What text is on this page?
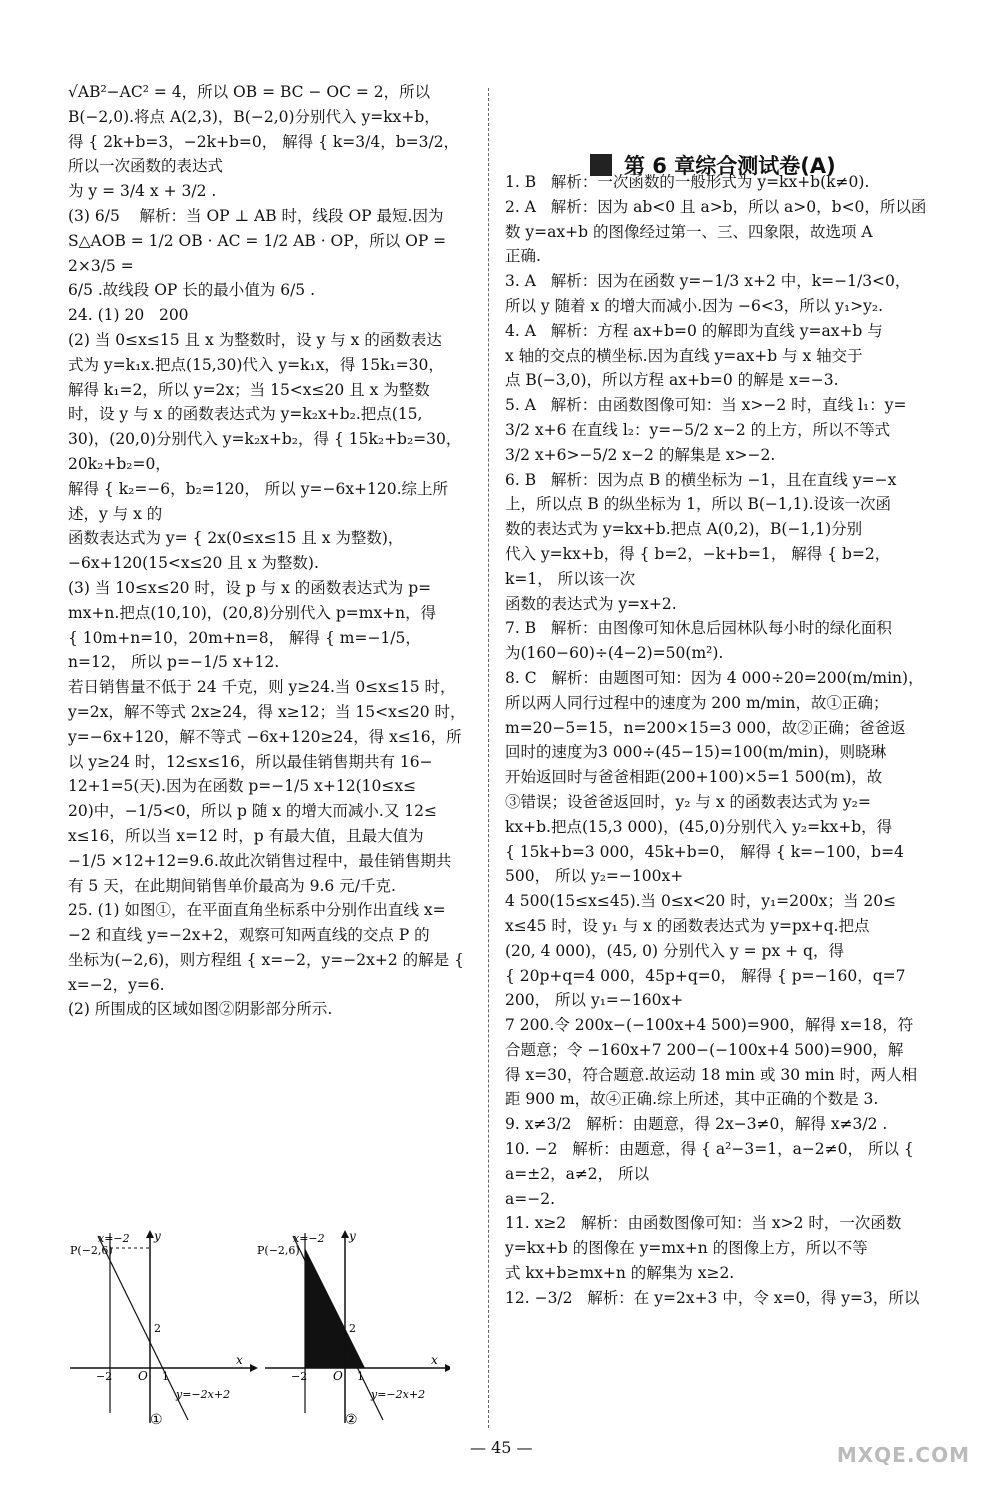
√AB²−AC² = 4，所以 OB = BC − OC = 2，所以

B(−2,0).将点 A(2,3)，B(−2,0)分别代入 y=kx+b，

得 { 2k+b=3，−2k+b=0， 解得 { k=3/4，b=3/2， 所以一次函数的表达式

为 y = 3/4 x + 3/2 .

(3) 6/5    解析：当 OP ⊥ AB 时，线段 OP 最短.因为

S△AOB = 1/2 OB · AC = 1/2 AB · OP，所以 OP = 2×3/5 =

6/5 .故线段 OP 长的最小值为 6/5 .

24. (1) 20   200

(2) 当 0≤x≤15 且 x 为整数时，设 y 与 x 的函数表达

式为 y=k₁x.把点(15,30)代入 y=k₁x，得 15k₁=30，

解得 k₁=2，所以 y=2x；当 15<x≤20 且 x 为整数

时，设 y 与 x 的函数表达式为 y=k₂x+b₂.把点(15,

30)，(20,0)分别代入 y=k₂x+b₂，得 { 15k₂+b₂=30，20k₂+b₂=0，

解得 { k₂=−6，b₂=120， 所以 y=−6x+120.综上所述，y 与 x 的

函数表达式为 y= { 2x(0≤x≤15 且 x 为整数)，−6x+120(15<x≤20 且 x 为整数).

(3) 当 10≤x≤20 时，设 p 与 x 的函数表达式为 p=

mx+n.把点(10,10)，(20,8)分别代入 p=mx+n，得

{ 10m+n=10，20m+n=8， 解得 { m=−1/5，n=12， 所以 p=−1/5 x+12.

若日销售量不低于 24 千克，则 y≥24.当 0≤x≤15 时，

y=2x，解不等式 2x≥24，得 x≥12；当 15<x≤20 时，

y=−6x+120，解不等式 −6x+120≥24，得 x≤16，所

以 y≥24 时，12≤x≤16，所以最佳销售期共有 16−

12+1=5(天).因为在函数 p=−1/5 x+12(10≤x≤

20)中，−1/5<0，所以 p 随 x 的增大而减小.又 12≤

x≤16，所以当 x=12 时，p 有最大值，且最大值为

−1/5 ×12+12=9.6.故此次销售过程中，最佳销售期共

有 5 天，在此期间销售单价最高为 9.6 元/千克.

25. (1) 如图①，在平面直角坐标系中分别作出直线 x=

−2 和直线 y=−2x+2，观察可知两直线的交点 P 的

坐标为(−2,6)，则方程组 { x=−2，y=−2x+2 的解是 { x=−2，y=6.

(2) 所围成的区域如图②阴影部分所示.

第 6 章综合测试卷(A)

1. B   解析：一次函数的一般形式为 y=kx+b(k≠0).

2. A   解析：因为 ab<0 且 a>b，所以 a>0，b<0，所以函

数 y=ax+b 的图像经过第一、三、四象限，故选项 A

正确.

3. A   解析：因为在函数 y=−1/3 x+2 中，k=−1/3<0，

所以 y 随着 x 的增大而减小.因为 −6<3，所以 y₁>y₂.

4. A   解析：方程 ax+b=0 的解即为直线 y=ax+b 与

x 轴的交点的横坐标.因为直线 y=ax+b 与 x 轴交于

点 B(−3,0)，所以方程 ax+b=0 的解是 x=−3.

5. A   解析：由函数图像可知：当 x>−2 时，直线 l₁：y=

3/2 x+6 在直线 l₂：y=−5/2 x−2 的上方，所以不等式

3/2 x+6>−5/2 x−2 的解集是 x>−2.

6. B   解析：因为点 B 的横坐标为 −1，且在直线 y=−x

上，所以点 B 的纵坐标为 1，所以 B(−1,1).设该一次函

数的表达式为 y=kx+b.把点 A(0,2)，B(−1,1)分别

代入 y=kx+b，得 { b=2，−k+b=1， 解得 { b=2，k=1， 所以该一次

函数的表达式为 y=x+2.

7. B   解析：由图像可知休息后园林队每小时的绿化面积

为(160−60)÷(4−2)=50(m²).

8. C   解析：由题图可知：因为 4 000÷20=200(m/min)，

所以两人同行过程中的速度为 200 m/min，故①正确；

m=20−5=15，n=200×15=3 000，故②正确；爸爸返

回时的速度为3 000÷(45−15)=100(m/min)，则晓琳

开始返回时与爸爸相距(200+100)×5=1 500(m)，故

③错误；设爸爸返回时，y₂ 与 x 的函数表达式为 y₂=

kx+b.把点(15,3 000)，(45,0)分别代入 y₂=kx+b，得

{ 15k+b=3 000，45k+b=0， 解得 { k=−100，b=4 500， 所以 y₂=−100x+

4 500(15≤x≤45).当 0≤x<20 时，y₁=200x；当 20≤

x≤45 时，设 y₁ 与 x 的函数表达式为 y=px+q.把点

(20, 4 000)，(45, 0) 分别代入 y = px + q，得

{ 20p+q=4 000，45p+q=0， 解得 { p=−160，q=7 200， 所以 y₁=−160x+

7 200.令 200x−(−100x+4 500)=900，解得 x=18，符

合题意；令 −160x+7 200−(−100x+4 500)=900，解

得 x=30，符合题意.故运动 18 min 或 30 min 时，两人相

距 900 m，故④正确.综上所述，其中正确的个数是 3.

9. x≠3/2   解析：由题意，得 2x−3≠0，解得 x≠3/2 .

10. −2   解析：由题意，得 { a²−3=1，a−2≠0， 所以 { a=±2，a≠2， 所以

a=−2.

11. x≥2   解析：由函数图像可知：当 x>2 时，一次函数

y=kx+b 的图像在 y=mx+n 的图像上方，所以不等

式 kx+b≥mx+n 的解集为 x≥2.

12. −3/2   解析：在 y=2x+3 中，令 x=0，得 y=3，所以

x=−2 y
P(−2,6)
2
O
−2	1
x
y=−2x+2
①
x=−2 y
P(−2,6)
2
O
−2	1
x
y=−2x+2
②
— 45 —	MXQE.COM
